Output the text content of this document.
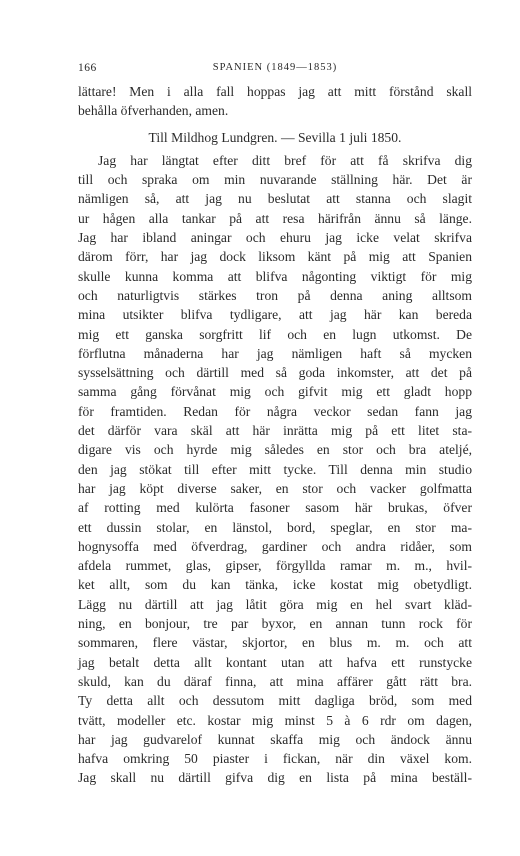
166	SPANIEN (1849—1853)
lättare! Men i alla fall hoppas jag att mitt förstånd skall
behålla öfverhanden, amen.
Till Mildhog Lundgren. — Sevilla 1 juli 1850.
Jag har längtat efter ditt bref för att få skrifva dig
till och spraka om min nuvarande ställning här. Det är
nämligen så, att jag nu beslutat att stanna och slagit
ur hågen alla tankar på att resa härifrån ännu så länge.
Jag har ibland aningar och ehuru jag icke velat skrifva
därom förr, har jag dock liksom känt på mig att Spanien
skulle kunna komma att blifva någonting viktigt för mig
och naturligtvis stärkes tron på denna aning alltsom
mina utsikter blifva tydligare, att jag här kan bereda
mig ett ganska sorgfritt lif och en lugn utkomst. De
förflutna månaderna har jag nämligen haft så mycken
sysselsättning och därtill med så goda inkomster, att det på
samma gång förvånat mig och gifvit mig ett gladt hopp
för framtiden. Redan för några veckor sedan fann jag
det därför vara skäl att här inrätta mig på ett litet sta-
digare vis och hyrde mig således en stor och bra ateljé,
den jag stökat till efter mitt tycke. Till denna min studio
har jag köpt diverse saker, en stor och vacker golfmatta
af rotting med kulörta fasoner sasom här brukas, öfver
ett dussin stolar, en länstol, bord, speglar, en stor ma-
hognysoffa med öfverdrag, gardiner och andra ridåer, som
afdela rummet, glas, gipser, förgyllda ramar m. m., hvil-
ket allt, som du kan tänka, icke kostat mig obetydligt.
Lägg nu därtill att jag låtit göra mig en hel svart kläd-
ning, en bonjour, tre par byxor, en annan tunn rock för
sommaren, flere västar, skjortor, en blus m. m. och att
jag betalt detta allt kontant utan att hafva ett runstycke
skuld, kan du däraf finna, att mina affärer gått rätt bra.
Ty detta allt och dessutom mitt dagliga bröd, som med
tvätt, modeller etc. kostar mig minst 5 à 6 rdr om dagen,
har jag gudvarelof kunnat skaffa mig och ändock ännu
hafva omkring 50 piaster i fickan, när din växel kom.
Jag skall nu därtill gifva dig en lista på mina beställ-
